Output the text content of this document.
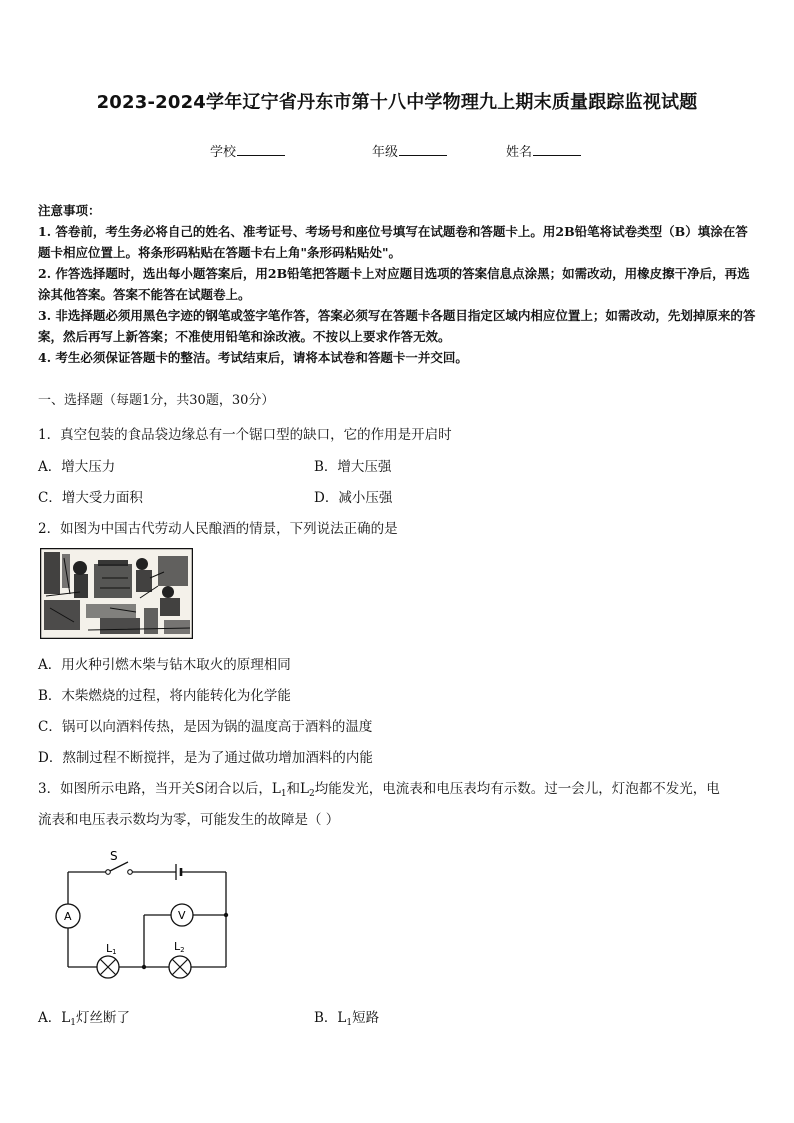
2023-2024学年辽宁省丹东市第十八中学物理九上期末质量跟踪监视试题
学校	年级	姓名
注意事项：
1. 答卷前，考生务必将自己的姓名、准考证号、考场号和座位号填写在试题卷和答题卡上。用2B铅笔将试卷类型（B）填涂在答题卡相应位置上。将条形码粘贴在答题卡右上角"条形码粘贴处"。
2. 作答选择题时，选出每小题答案后，用2B铅笔把答题卡上对应题目选项的答案信息点涂黑；如需改动，用橡皮擦干净后，再选涂其他答案。答案不能答在试题卷上。
3. 非选择题必须用黑色字迹的钢笔或签字笔作答，答案必须写在答题卡各题目指定区域内相应位置上；如需改动，先划掉原来的答案，然后再写上新答案；不准使用铅笔和涂改液。不按以上要求作答无效。
4. 考生必须保证答题卡的整洁。考试结束后，请将本试卷和答题卡一并交回。
一、选择题（每题1分，共30题，30分）
1．真空包装的食品袋边缘总有一个锯口型的缺口，它的作用是开启时
A．增大压力	B．增大压强
C．增大受力面积	D．减小压强
2．如图为中国古代劳动人民酿酒的情景，下列说法正确的是
A．用火种引燃木柴与钻木取火的原理相同
B．木柴燃烧的过程，将内能转化为化学能
C．锅可以向酒料传热，是因为锅的温度高于酒料的温度
D．熬制过程不断搅拌，是为了通过做功增加酒料的内能
3．如图所示电路，当开关S闭合以后，$L_1$和$L_2$均能发光，电流表和电压表均有示数。过一会儿，灯泡都不发光，电
流表和电压表示数均为零，可能发生的故障是（ ）
S
A	V
L1	L2
A．$L_1$灯丝断了	B．$L_1$短路
